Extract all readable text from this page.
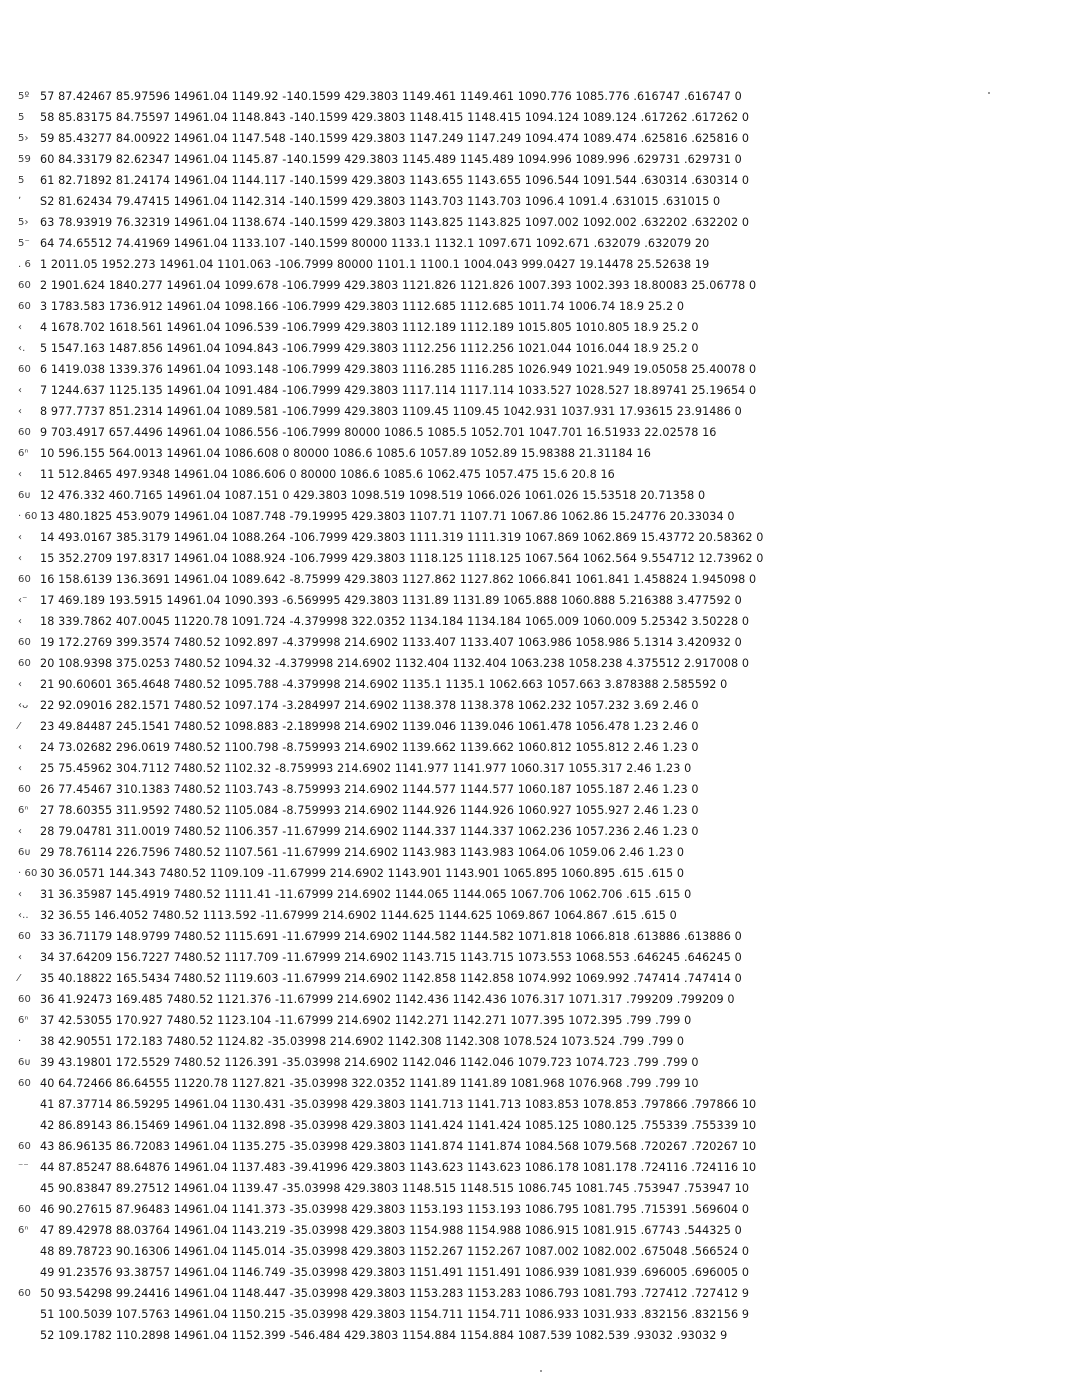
5º 57 87.42467 85.97596 14961.04 1149.92 -140.1599 429.3803 1149.461 1149.461 1090.776 1085.776 .616747 .616747 0
5	58 85.83175 84.75597 14961.04 1148.843 -140.1599 429.3803 1148.415 1148.415 1094.124 1089.124 .617262 .617262 0
5›	59 85.43277 84.00922 14961.04 1147.548 -140.1599 429.3803 1147.249 1147.249 1094.474 1089.474 .625816 .625816 0
59 60 84.33179 82.62347 14961.04 1145.87 -140.1599 429.3803 1145.489 1145.489 1094.996 1089.996 .629731 .629731 0
5	61 82.71892 81.24174 14961.04 1144.117 -140.1599 429.3803 1143.655 1143.655 1096.544 1091.544 .630314 .630314 0
ʼ	S2 81.62434 79.47415 14961.04 1142.314 -140.1599 429.3803 1143.703 1143.703 1096.4 1091.4 .631015 .631015 0
5›	63 78.93919 76.32319 14961.04 1138.674 -140.1599 429.3803 1143.825 1143.825 1097.002 1092.002 .632202 .632202 0
5⁻ 64 74.65512 74.41969 14961.04 1133.107 -140.1599 80000 1133.1 1132.1 1097.671 1092.671 .632079 .632079 20
. 6 1 2011.05 1952.273 14961.04 1101.063 -106.7999 80000 1101.1 1100.1 1004.043 999.0427 19.14478 25.52638 19
60 2 1901.624 1840.277 14961.04 1099.678 -106.7999 429.3803 1121.826 1121.826 1007.393 1002.393 18.80083 25.06778 0
60 3 1783.583 1736.912 14961.04 1098.166 -106.7999 429.3803 1112.685 1112.685 1011.74 1006.74 18.9 25.2 0
‹	4 1678.702 1618.561 14961.04 1096.539 -106.7999 429.3803 1112.189 1112.189 1015.805 1010.805 18.9 25.2 0
‹.	5 1547.163 1487.856 14961.04 1094.843 -106.7999 429.3803 1112.256 1112.256 1021.044 1016.044 18.9 25.2 0
60 6 1419.038 1339.376 14961.04 1093.148 -106.7999 429.3803 1116.285 1116.285 1026.949 1021.949 19.05058 25.40078 0
‹	7 1244.637 1125.135 14961.04 1091.484 -106.7999 429.3803 1117.114 1117.114 1033.527 1028.527 18.89741 25.19654 0
‹	8 977.7737 851.2314 14961.04 1089.581 -106.7999 429.3803 1109.45 1109.45 1042.931 1037.931 17.93615 23.91486 0
60 9 703.4917 657.4496 14961.04 1086.556 -106.7999 80000 1086.5 1085.5 1052.701 1047.701 16.51933 22.02578 16
6ⁿ	10 596.155 564.0013 14961.04 1086.608 0 80000 1086.6 1085.6 1057.89 1052.89 15.98388 21.31184 16
‹	11 512.8465 497.9348 14961.04 1086.606 0 80000 1086.6 1085.6 1062.475 1057.475 15.6 20.8 16
6ᴜ 12 476.332 460.7165 14961.04 1087.151 0 429.3803 1098.519 1098.519 1066.026 1061.026 15.53518 20.71358 0
· 60 13 480.1825 453.9079 14961.04 1087.748 -79.19995 429.3803 1107.71 1107.71 1067.86 1062.86 15.24776 20.33034 0
‹	14 493.0167 385.3179 14961.04 1088.264 -106.7999 429.3803 1111.319 1111.319 1067.869 1062.869 15.43772 20.58362 0
‹	15 352.2709 197.8317 14961.04 1088.924 -106.7999 429.3803 1118.125 1118.125 1067.564 1062.564 9.554712 12.73962 0
60 16 158.6139 136.3691 14961.04 1089.642 -8.75999 429.3803 1127.862 1127.862 1066.841 1061.841 1.458824 1.945098 0
‹⁻	17 469.189 193.5915 14961.04 1090.393 -6.569995 429.3803 1131.89 1131.89 1065.888 1060.888 5.216388 3.477592 0
‹	18 339.7862 407.0045 11220.78 1091.724 -4.379998 322.0352 1134.184 1134.184 1065.009 1060.009 5.25342 3.50228 0
60 19 172.2769 399.3574 7480.52 1092.897 -4.379998 214.6902 1133.407 1133.407 1063.986 1058.986 5.1314 3.420932 0
60 20 108.9398 375.0253 7480.52 1094.32 -4.379998 214.6902 1132.404 1132.404 1063.238 1058.238 4.375512 2.917008 0
‹	21 90.60601 365.4648 7480.52 1095.788 -4.379998 214.6902 1135.1 1135.1 1062.663 1057.663 3.878388 2.585592 0
‹ᴗ	22 92.09016 282.1571 7480.52 1097.174 -3.284997 214.6902 1138.378 1138.378 1062.232 1057.232 3.69 2.46 0
⁄	23 49.84487 245.1541 7480.52 1098.883 -2.189998 214.6902 1139.046 1139.046 1061.478 1056.478 1.23 2.46 0
‹	24 73.02682 296.0619 7480.52 1100.798 -8.759993 214.6902 1139.662 1139.662 1060.812 1055.812 2.46 1.23 0
‹	25 75.45962 304.7112 7480.52 1102.32 -8.759993 214.6902 1141.977 1141.977 1060.317 1055.317 2.46 1.23 0
60 26 77.45467 310.1383 7480.52 1103.743 -8.759993 214.6902 1144.577 1144.577 1060.187 1055.187 2.46 1.23 0
6ⁿ	27 78.60355 311.9592 7480.52 1105.084 -8.759993 214.6902 1144.926 1144.926 1060.927 1055.927 2.46 1.23 0
‹	28 79.04781 311.0019 7480.52 1106.357 -11.67999 214.6902 1144.337 1144.337 1062.236 1057.236 2.46 1.23 0
6ᴜ 29 78.76114 226.7596 7480.52 1107.561 -11.67999 214.6902 1143.983 1143.983 1064.06 1059.06 2.46 1.23 0
· 60 30 36.0571 144.343 7480.52 1109.109 -11.67999 214.6902 1143.901 1143.901 1065.895 1060.895 .615 .615 0
‹	31 36.35987 145.4919 7480.52 1111.41 -11.67999 214.6902 1144.065 1144.065 1067.706 1062.706 .615 .615 0
‹..	32 36.55 146.4052 7480.52 1113.592 -11.67999 214.6902 1144.625 1144.625 1069.867 1064.867 .615 .615 0
60 33 36.71179 148.9799 7480.52 1115.691 -11.67999 214.6902 1144.582 1144.582 1071.818 1066.818 .613886 .613886 0
‹	34 37.64209 156.7227 7480.52 1117.709 -11.67999 214.6902 1143.715 1143.715 1073.553 1068.553 .646245 .646245 0
⁄	35 40.18822 165.5434 7480.52 1119.603 -11.67999 214.6902 1142.858 1142.858 1074.992 1069.992 .747414 .747414 0
60 36 41.92473 169.485 7480.52 1121.376 -11.67999 214.6902 1142.436 1142.436 1076.317 1071.317 .799209 .799209 0
6ⁿ	37 42.53055 170.927 7480.52 1123.104 -11.67999 214.6902 1142.271 1142.271 1077.395 1072.395 .799 .799 0
·	38 42.90551 172.183 7480.52 1124.82 -35.03998 214.6902 1142.308 1142.308 1078.524 1073.524 .799 .799 0
6ᴜ 39 43.19801 172.5529 7480.52 1126.391 -35.03998 214.6902 1142.046 1142.046 1079.723 1074.723 .799 .799 0
60 40 64.72466 86.64555 11220.78 1127.821 -35.03998 322.0352 1141.89 1141.89 1081.968 1076.968 .799 .799 10
41 87.37714 86.59295 14961.04 1130.431 -35.03998 429.3803 1141.713 1141.713 1083.853 1078.853 .797866 .797866 10
42 86.89143 86.15469 14961.04 1132.898 -35.03998 429.3803 1141.424 1141.424 1085.125 1080.125 .755339 .755339 10
60 43 86.96135 86.72083 14961.04 1135.275 -35.03998 429.3803 1141.874 1141.874 1084.568 1079.568 .720267 .720267 10
⁻⁻	44 87.85247 88.64876 14961.04 1137.483 -39.41996 429.3803 1143.623 1143.623 1086.178 1081.178 .724116 .724116 10
45 90.83847 89.27512 14961.04 1139.47 -35.03998 429.3803 1148.515 1148.515 1086.745 1081.745 .753947 .753947 10
60 46 90.27615 87.96483 14961.04 1141.373 -35.03998 429.3803 1153.193 1153.193 1086.795 1081.795 .715391 .569604 0
6ⁿ	47 89.42978 88.03764 14961.04 1143.219 -35.03998 429.3803 1154.988 1154.988 1086.915 1081.915 .67743 .544325 0
48 89.78723 90.16306 14961.04 1145.014 -35.03998 429.3803 1152.267 1152.267 1087.002 1082.002 .675048 .566524 0
49 91.23576 93.38757 14961.04 1146.749 -35.03998 429.3803 1151.491 1151.491 1086.939 1081.939 .696005 .696005 0
60 50 93.54298 99.24416 14961.04 1148.447 -35.03998 429.3803 1153.283 1153.283 1086.793 1081.793 .727412 .727412 9
51 100.5039 107.5763 14961.04 1150.215 -35.03998 429.3803 1154.711 1154.711 1086.933 1031.933 .832156 .832156 9
52 109.1782 110.2898 14961.04 1152.399 -546.484 429.3803 1154.884 1154.884 1087.539 1082.539 .93032 .93032 9
